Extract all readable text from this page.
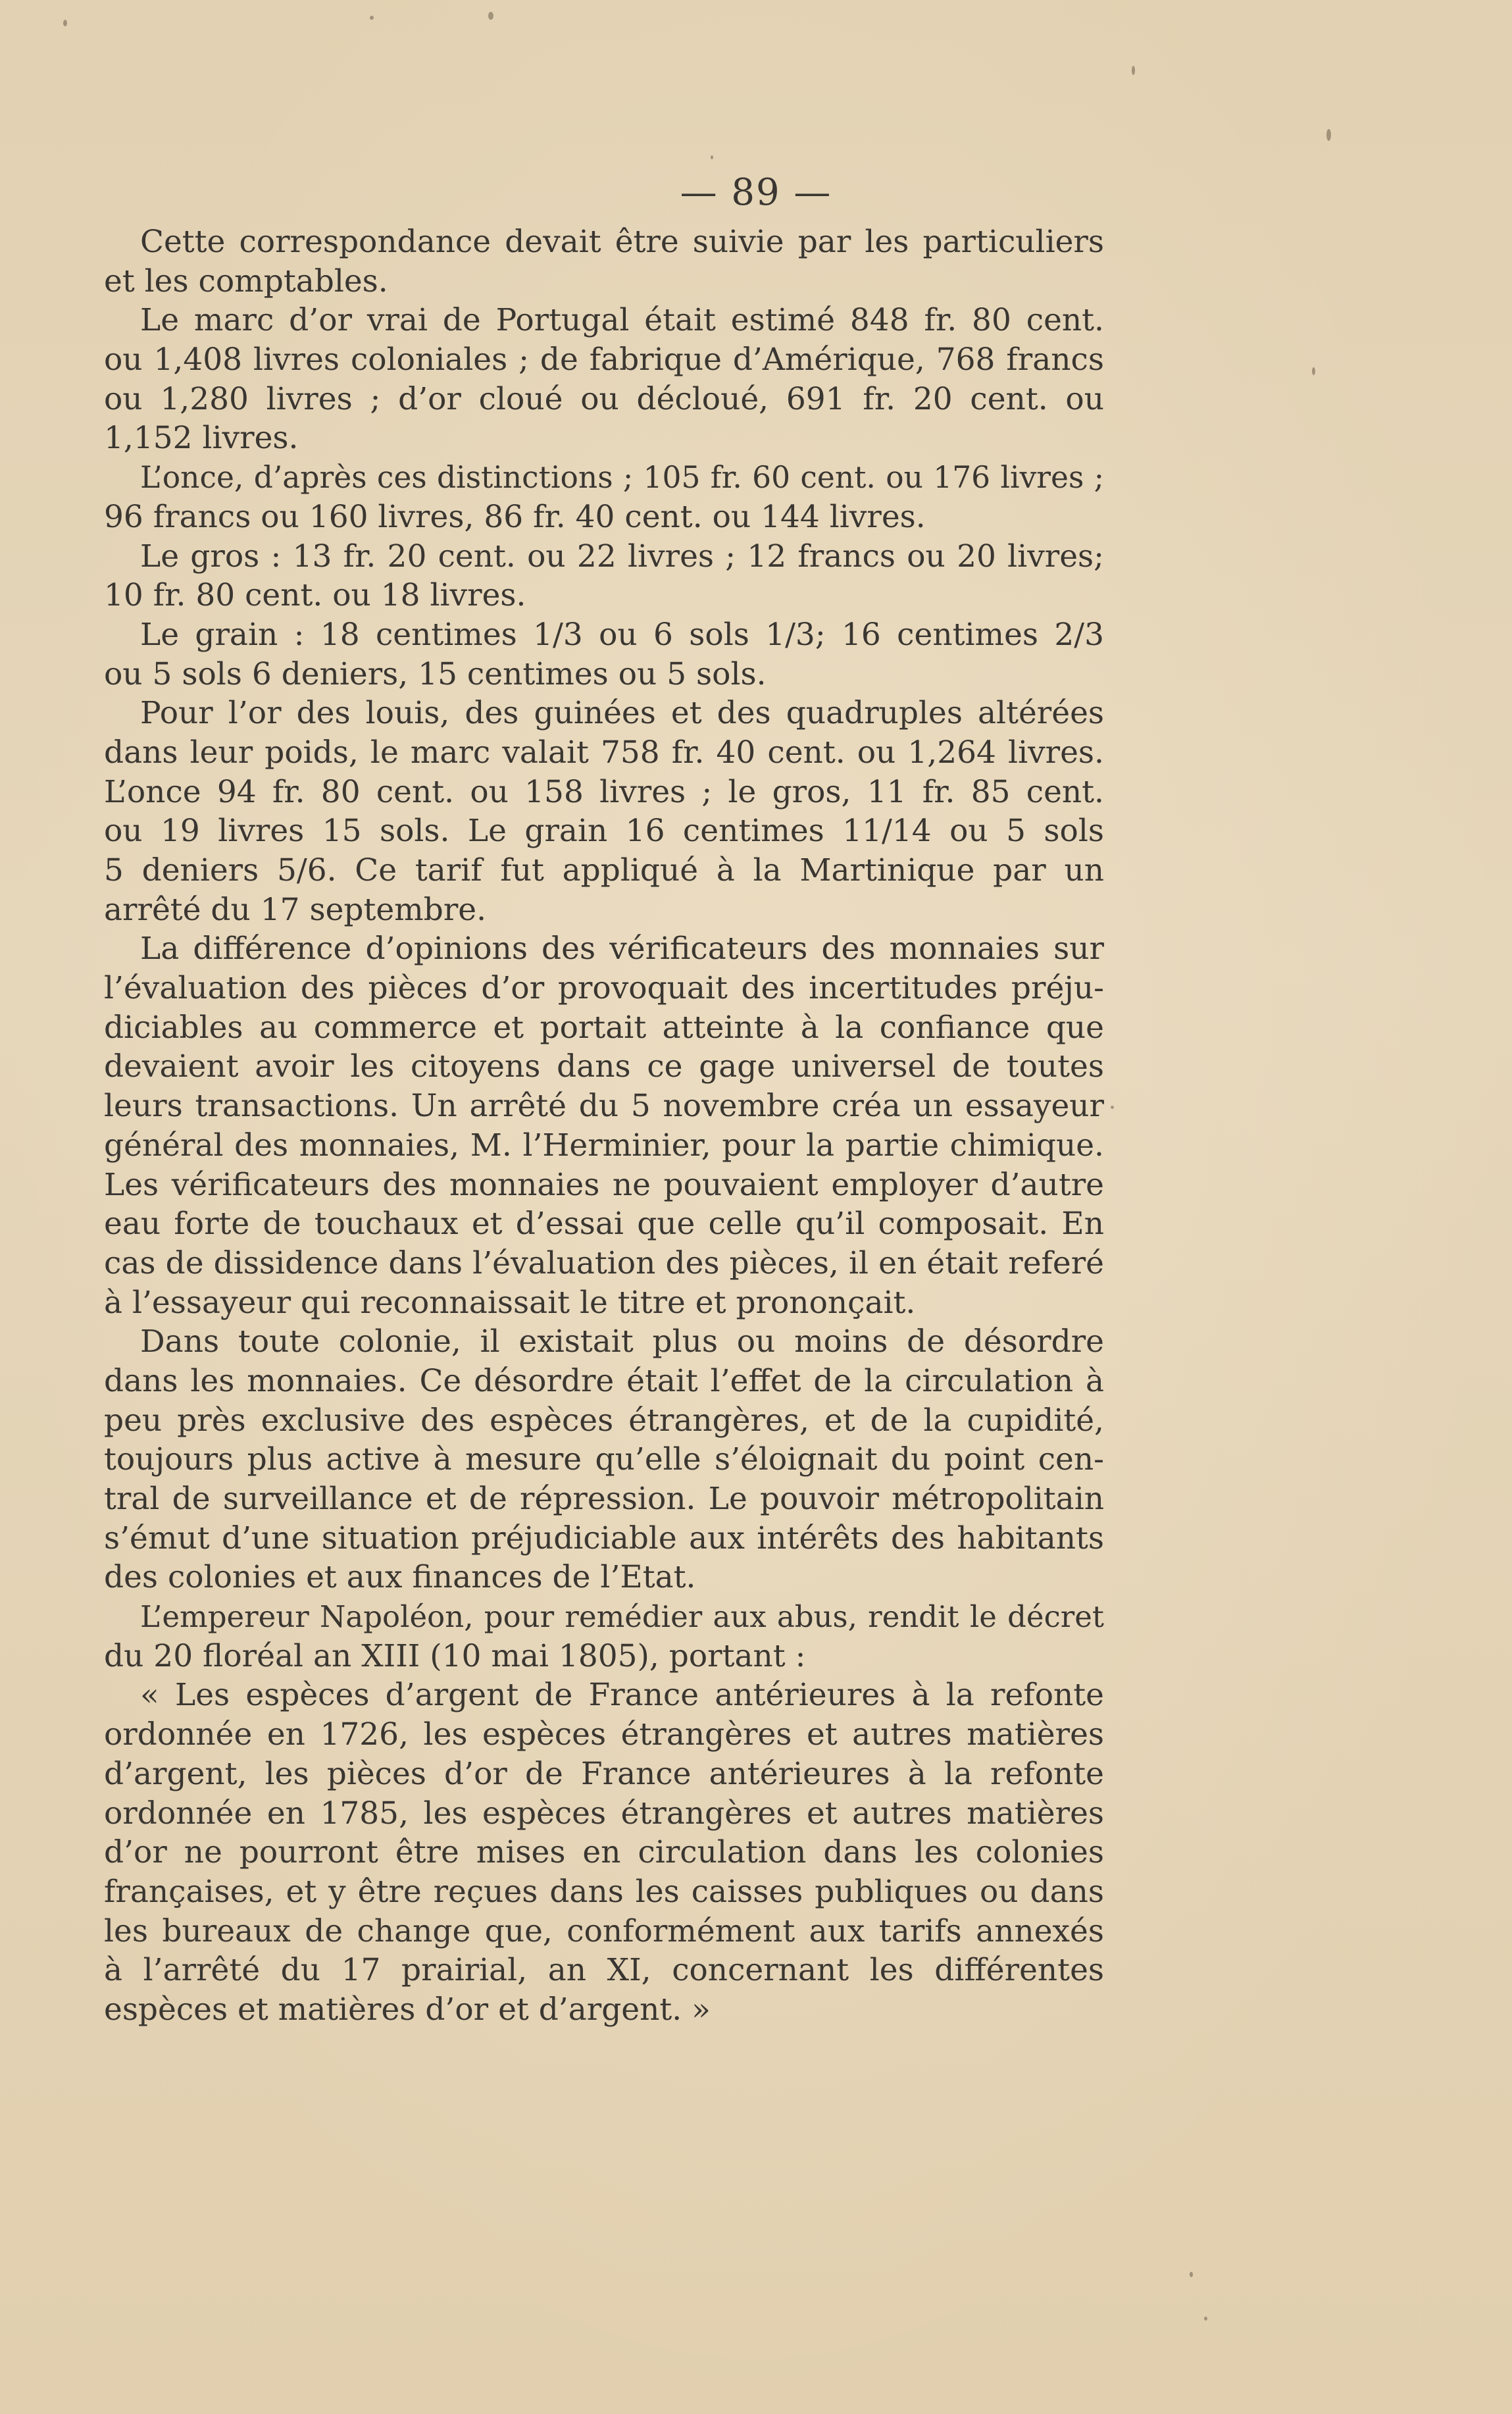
— 89 —
Cette correspondance devait être suivie par les particuliers
et les comptables.
Le marc d’or vrai de Portugal était estimé 848 fr. 80 cent.
ou 1,408 livres coloniales ; de fabrique d’Amérique, 768 francs
ou 1,280 livres ; d’or cloué ou décloué, 691 fr. 20 cent. ou
1,152 livres.
L’once, d’après ces distinctions ; 105 fr. 60 cent. ou 176 livres ;
96 francs ou 160 livres, 86 fr. 40 cent. ou 144 livres.
Le gros : 13 fr. 20 cent. ou 22 livres ; 12 francs ou 20 livres;
10 fr. 80 cent. ou 18 livres.
Le grain : 18 centimes 1/3 ou 6 sols 1/3; 16 centimes 2/3
ou 5 sols 6 deniers, 15 centimes ou 5 sols.
Pour l’or des louis, des guinées et des quadruples altérées
dans leur poids, le marc valait 758 fr. 40 cent. ou 1,264 livres.
L’once 94 fr. 80 cent. ou 158 livres ; le gros, 11 fr. 85 cent.
ou 19 livres 15 sols. Le grain 16 centimes 11/14 ou 5 sols
5 deniers 5/6. Ce tarif fut appliqué à la Martinique par un
arrêté du 17 septembre.
La différence d’opinions des vérificateurs des monnaies sur
l’évaluation des pièces d’or provoquait des incertitudes préju-
diciables au commerce et portait atteinte à la confiance que
devaient avoir les citoyens dans ce gage universel de toutes
leurs transactions. Un arrêté du 5 novembre créa un essayeur
général des monnaies, M. l’Herminier, pour la partie chimique.
Les vérificateurs des monnaies ne pouvaient employer d’autre
eau forte de touchaux et d’essai que celle qu’il composait. En
cas de dissidence dans l’évaluation des pièces, il en était referé
à l’essayeur qui reconnaissait le titre et prononçait.
Dans toute colonie, il existait plus ou moins de désordre
dans les monnaies. Ce désordre était l’effet de la circulation à
peu près exclusive des espèces étrangères, et de la cupidité,
toujours plus active à mesure qu’elle s’éloignait du point cen-
tral de surveillance et de répression. Le pouvoir métropolitain
s’émut d’une situation préjudiciable aux intérêts des habitants
des colonies et aux finances de l’Etat.
L’empereur Napoléon, pour remédier aux abus, rendit le décret
du 20 floréal an XIII (10 mai 1805), portant :
« Les espèces d’argent de France antérieures à la refonte
ordonnée en 1726, les espèces étrangères et autres matières
d’argent, les pièces d’or de France antérieures à la refonte
ordonnée en 1785, les espèces étrangères et autres matières
d’or ne pourront être mises en circulation dans les colonies
françaises, et y être reçues dans les caisses publiques ou dans
les bureaux de change que, conformément aux tarifs annexés
à l’arrêté du 17 prairial, an XI, concernant les différentes
espèces et matières d’or et d’argent. »
